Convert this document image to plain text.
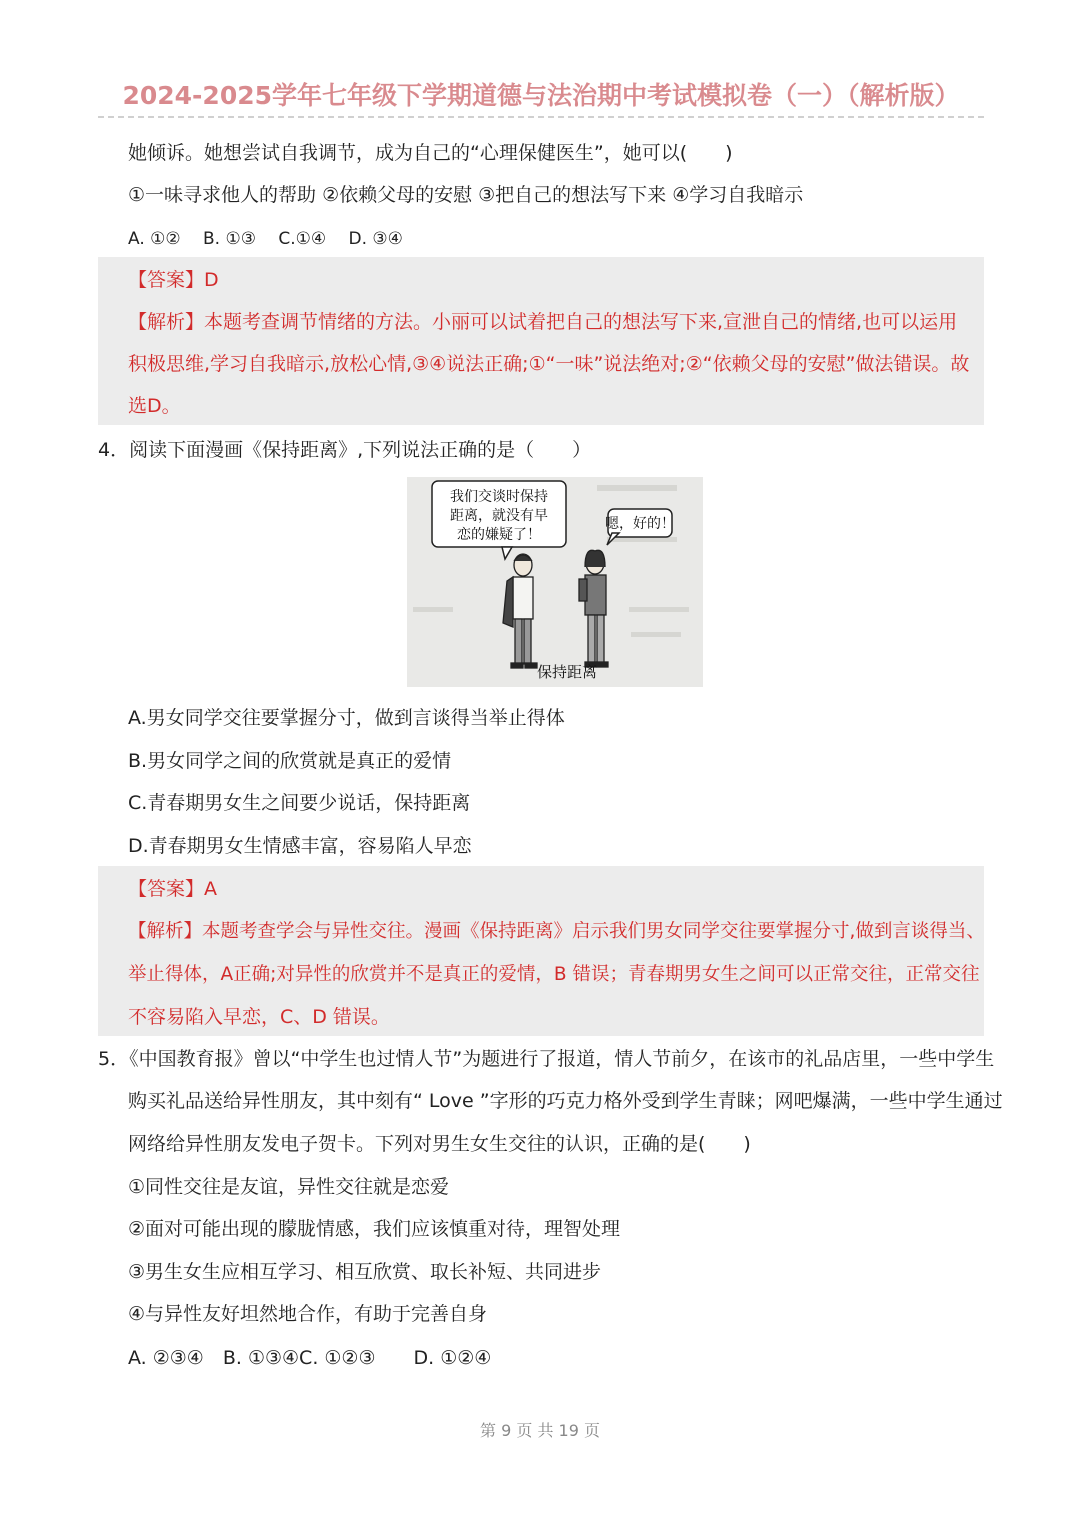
2024-2025学年七年级下学期道德与法治期中考试模拟卷（一）（解析版）
她倾诉。她想尝试自我调节，成为自己的“心理保健医生”，她可以(　　)
①一味寻求他人的帮助 ②依赖父母的安慰 ③把自己的想法写下来 ④学习自我暗示
A. ①②　 B. ①③　 C.①④　 D. ③④
【答案】D
【解析】本题考查调节情绪的方法。小丽可以试着把自己的想法写下来,宣泄自己的情绪,也可以运用
积极思维,学习自我暗示,放松心情,③④说法正确;①“一味”说法绝对;②“依赖父母的安慰”做法错误。故
选D。
4．阅读下面漫画《保持距离》,下列说法正确的是（　　）
我们交谈时保持
距离，就没有早
恋的嫌疑了！
嗯，好的！
保持距离
A.男女同学交往要掌握分寸，做到言谈得当举止得体
B.男女同学之间的欣赏就是真正的爱情
C.青春期男女生之间要少说话，保持距离
D.青春期男女生情感丰富，容易陷人早恋
【答案】A
【解析】本题考查学会与异性交往。漫画《保持距离》启示我们男女同学交往要掌握分寸,做到言谈得当、
举止得体，A正确;对异性的欣赏并不是真正的爱情，B 错误；青春期男女生之间可以正常交往，正常交往
不容易陷入早恋，C、D 错误。
5．《中国教育报》曾以“中学生也过情人节”为题进行了报道，情人节前夕，在该市的礼品店里，一些中学生
购买礼品送给异性朋友，其中刻有“ Love ”字形的巧克力格外受到学生青睐；网吧爆满，一些中学生通过
网络给异性朋友发电子贺卡。下列对男生女生交往的认识，正确的是(　　)
①同性交往是友谊，异性交往就是恋爱
②面对可能出现的朦胧情感，我们应该慎重对待，理智处理
③男生女生应相互学习、相互欣赏、取长补短、共同进步
④与异性友好坦然地合作，有助于完善自身
A. ②③④　B. ①③④C. ①②③　　D. ①②④
第 9 页 共 19 页
